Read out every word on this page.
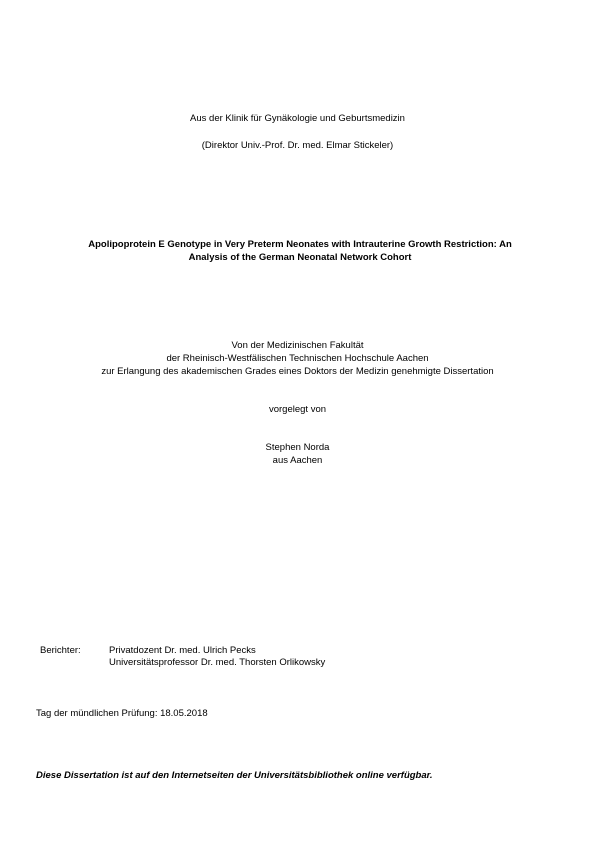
Aus der Klinik für Gynäkologie und Geburtsmedizin
(Direktor Univ.-Prof. Dr. med. Elmar Stickeler)
Apolipoprotein E Genotype in Very Preterm Neonates with Intrauterine Growth Restriction: An
Analysis of the German Neonatal Network Cohort
Von der Medizinischen Fakultät
der Rheinisch-Westfälischen Technischen Hochschule Aachen
zur Erlangung des akademischen Grades eines Doktors der Medizin genehmigte Dissertation
vorgelegt von
Stephen Norda
aus Aachen
Berichter:	Privatdozent Dr. med. Ulrich Pecks
Universitätsprofessor Dr. med. Thorsten Orlikowsky
Tag der mündlichen Prüfung: 18.05.2018
Diese Dissertation ist auf den Internetseiten der Universitätsbibliothek online verfügbar.
